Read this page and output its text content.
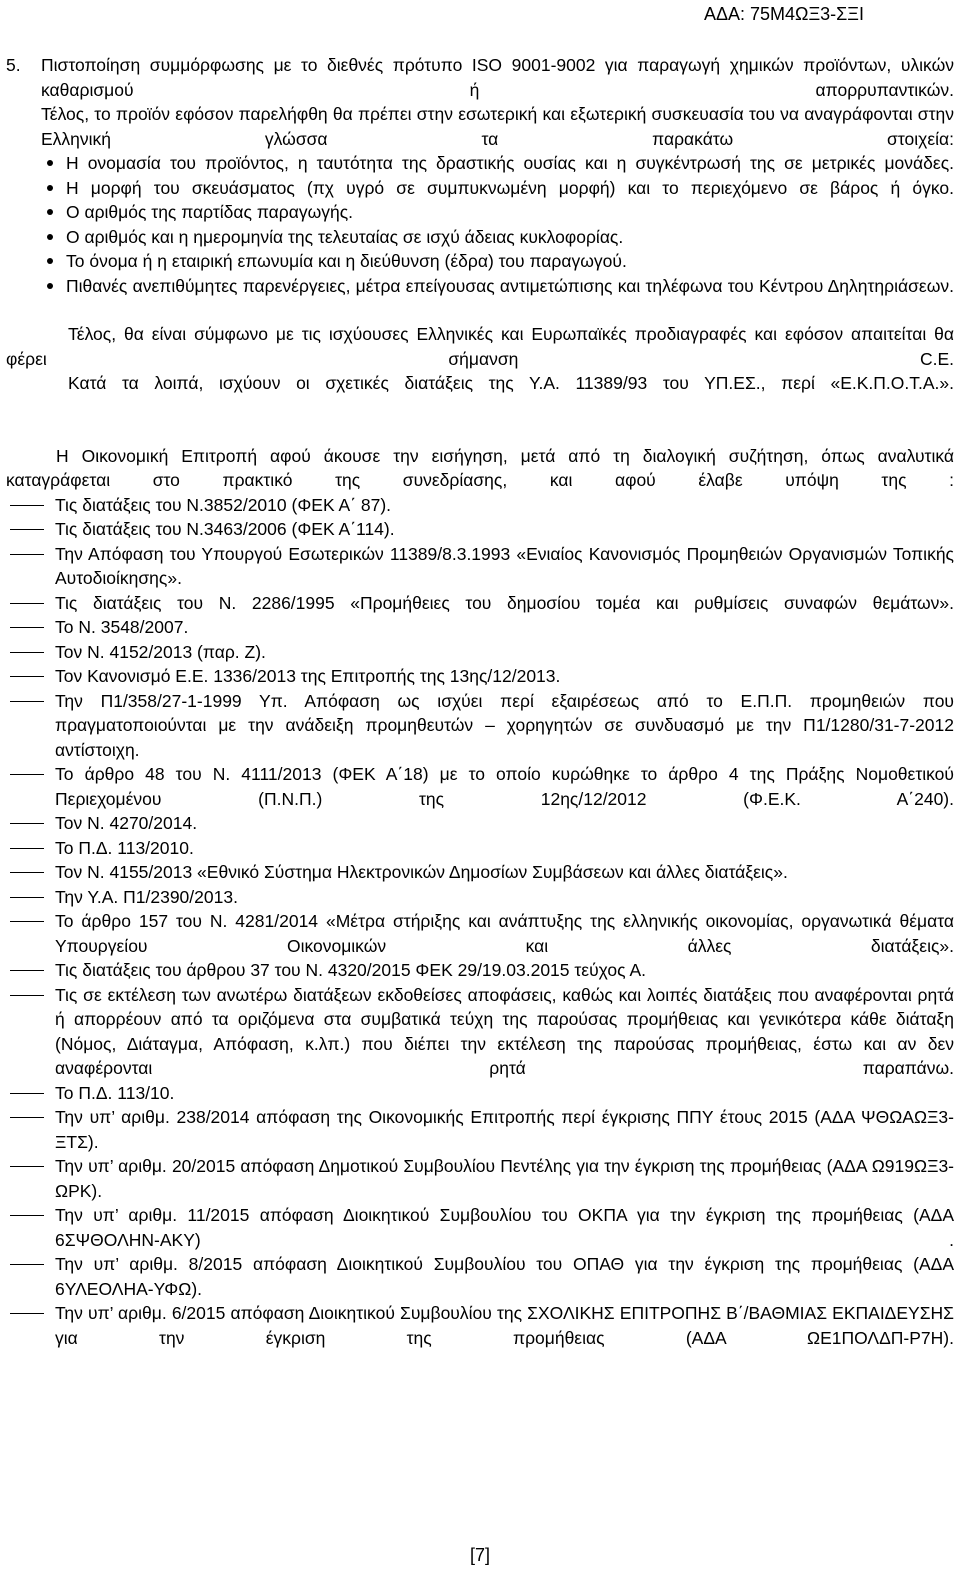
ΑΔΑ: 75Μ4ΩΞ3-ΣΞΙ
5. Πιστοποίηση συμμόρφωσης με το διεθνές πρότυπο ISO 9001-9002 για παραγωγή χημικών προϊόντων, υλικών καθαρισμού ή απορρυπαντικών.
Τέλος, το προϊόν εφόσον παρελήφθη θα πρέπει στην εσωτερική και εξωτερική συσκευασία του να αναγράφονται στην Ελληνική γλώσσα τα παρακάτω στοιχεία:
Η ονομασία του προϊόντος, η ταυτότητα της δραστικής ουσίας και η συγκέντρωσή της σε μετρικές μονάδες.
Η μορφή του σκευάσματος (πχ υγρό σε συμπυκνωμένη μορφή) και το περιεχόμενο σε βάρος ή όγκο.
Ο αριθμός της παρτίδας παραγωγής.
Ο αριθμός και η ημερομηνία της τελευταίας σε ισχύ άδειας κυκλοφορίας.
Το όνομα ή η εταιρική επωνυμία και η διεύθυνση (έδρα) του παραγωγού.
Πιθανές ανεπιθύμητες παρενέργειες, μέτρα επείγουσας αντιμετώπισης και τηλέφωνα του Κέντρου Δηλητηριάσεων.
Τέλος, θα είναι σύμφωνο με τις ισχύουσες Ελληνικές και Ευρωπαϊκές προδιαγραφές και εφόσον απαιτείται θα φέρει σήμανση C.E.
Κατά τα λοιπά, ισχύουν οι σχετικές διατάξεις της Υ.Α. 11389/93 του ΥΠ.ΕΣ., περί «Ε.Κ.Π.Ο.Τ.Α.».
Η Οικονομική Επιτροπή αφού άκουσε την εισήγηση, μετά από τη διαλογική συζήτηση, όπως αναλυτικά καταγράφεται στο πρακτικό της συνεδρίασης, και αφού έλαβε υπόψη της :
Τις διατάξεις του Ν.3852/2010 (ΦΕΚ Α΄ 87).
Τις διατάξεις του Ν.3463/2006 (ΦΕΚ Α΄114).
Την Απόφαση του Υπουργού Εσωτερικών 11389/8.3.1993 «Ενιαίος Κανονισμός Προμηθειών Οργανισμών Τοπικής Αυτοδιοίκησης».
Τις διατάξεις του Ν. 2286/1995 «Προμήθειες του δημοσίου τομέα και ρυθμίσεις συναφών θεμάτων».
Το Ν. 3548/2007.
Τον Ν. 4152/2013 (παρ. Ζ).
Τον Κανονισμό Ε.Ε. 1336/2013 της Επιτροπής της 13ης/12/2013.
Την Π1/358/27-1-1999 Υπ. Απόφαση ως ισχύει περί εξαιρέσεως από το Ε.Π.Π. προμηθειών που πραγματοποιούνται με την ανάδειξη προμηθευτών – χορηγητών σε συνδυασμό με την Π1/1280/31-7-2012 αντίστοιχη.
Το άρθρο 48 του Ν. 4111/2013 (ΦΕΚ Α΄18) με το οποίο κυρώθηκε το άρθρο 4 της Πράξης Νομοθετικού Περιεχομένου (Π.Ν.Π.) της 12ης/12/2012 (Φ.Ε.Κ. Α΄240).
Τον Ν. 4270/2014.
Το Π.Δ. 113/2010.
Τον Ν. 4155/2013 «Εθνικό Σύστημα Ηλεκτρονικών Δημοσίων Συμβάσεων και άλλες διατάξεις».
Την Υ.Α. Π1/2390/2013.
Το άρθρο 157 του Ν. 4281/2014 «Μέτρα στήριξης και ανάπτυξης της ελληνικής οικονομίας, οργανωτικά θέματα Υπουργείου Οικονομικών και άλλες διατάξεις».
Τις διατάξεις του άρθρου 37 του Ν. 4320/2015 ΦΕΚ 29/19.03.2015 τεύχος Α.
Τις σε εκτέλεση των ανωτέρω διατάξεων εκδοθείσες αποφάσεις, καθώς και λοιπές διατάξεις που αναφέρονται ρητά ή απορρέουν από τα οριζόμενα στα συμβατικά τεύχη της παρούσας προμήθειας και γενικότερα κάθε διάταξη (Νόμος, Διάταγμα, Απόφαση, κ.λπ.) που διέπει την εκτέλεση της παρούσας προμήθειας, έστω και αν δεν αναφέρονται ρητά παραπάνω.
Το Π.Δ. 113/10.
Την υπ’ αριθμ. 238/2014 απόφαση της Οικονομικής Επιτροπής περί έγκρισης ΠΠΥ έτους 2015 (ΑΔΑ ΨΘΩΑΩΞ3-ΞΤΣ).
Την υπ’ αριθμ. 20/2015 απόφαση Δημοτικού Συμβουλίου Πεντέλης για την έγκριση της προμήθειας (ΑΔΑ Ω919ΩΞ3-ΩΡΚ).
Την υπ’ αριθμ. 11/2015 απόφαση Διοικητικού Συμβουλίου του ΟΚΠΑ για την έγκριση της προμήθειας (ΑΔΑ 6ΣΨΘΟΛΗΝ-ΑΚΥ) .
Την υπ’ αριθμ. 8/2015 απόφαση Διοικητικού Συμβουλίου του ΟΠΑΘ για την έγκριση της προμήθειας (ΑΔΑ 6ΥΛΕΟΛΗΑ-ΥΦΩ).
Την υπ’ αριθμ. 6/2015 απόφαση Διοικητικού Συμβουλίου της ΣΧΟΛΙΚΗΣ ΕΠΙΤΡΟΠΗΣ Β΄/ΒΑΘΜΙΑΣ ΕΚΠΑΙΔΕΥΣΗΣ για την έγκριση της προμήθειας (ΑΔΑ ΩΕ1ΠΟΛΔΠ-Ρ7Η).
[7]
